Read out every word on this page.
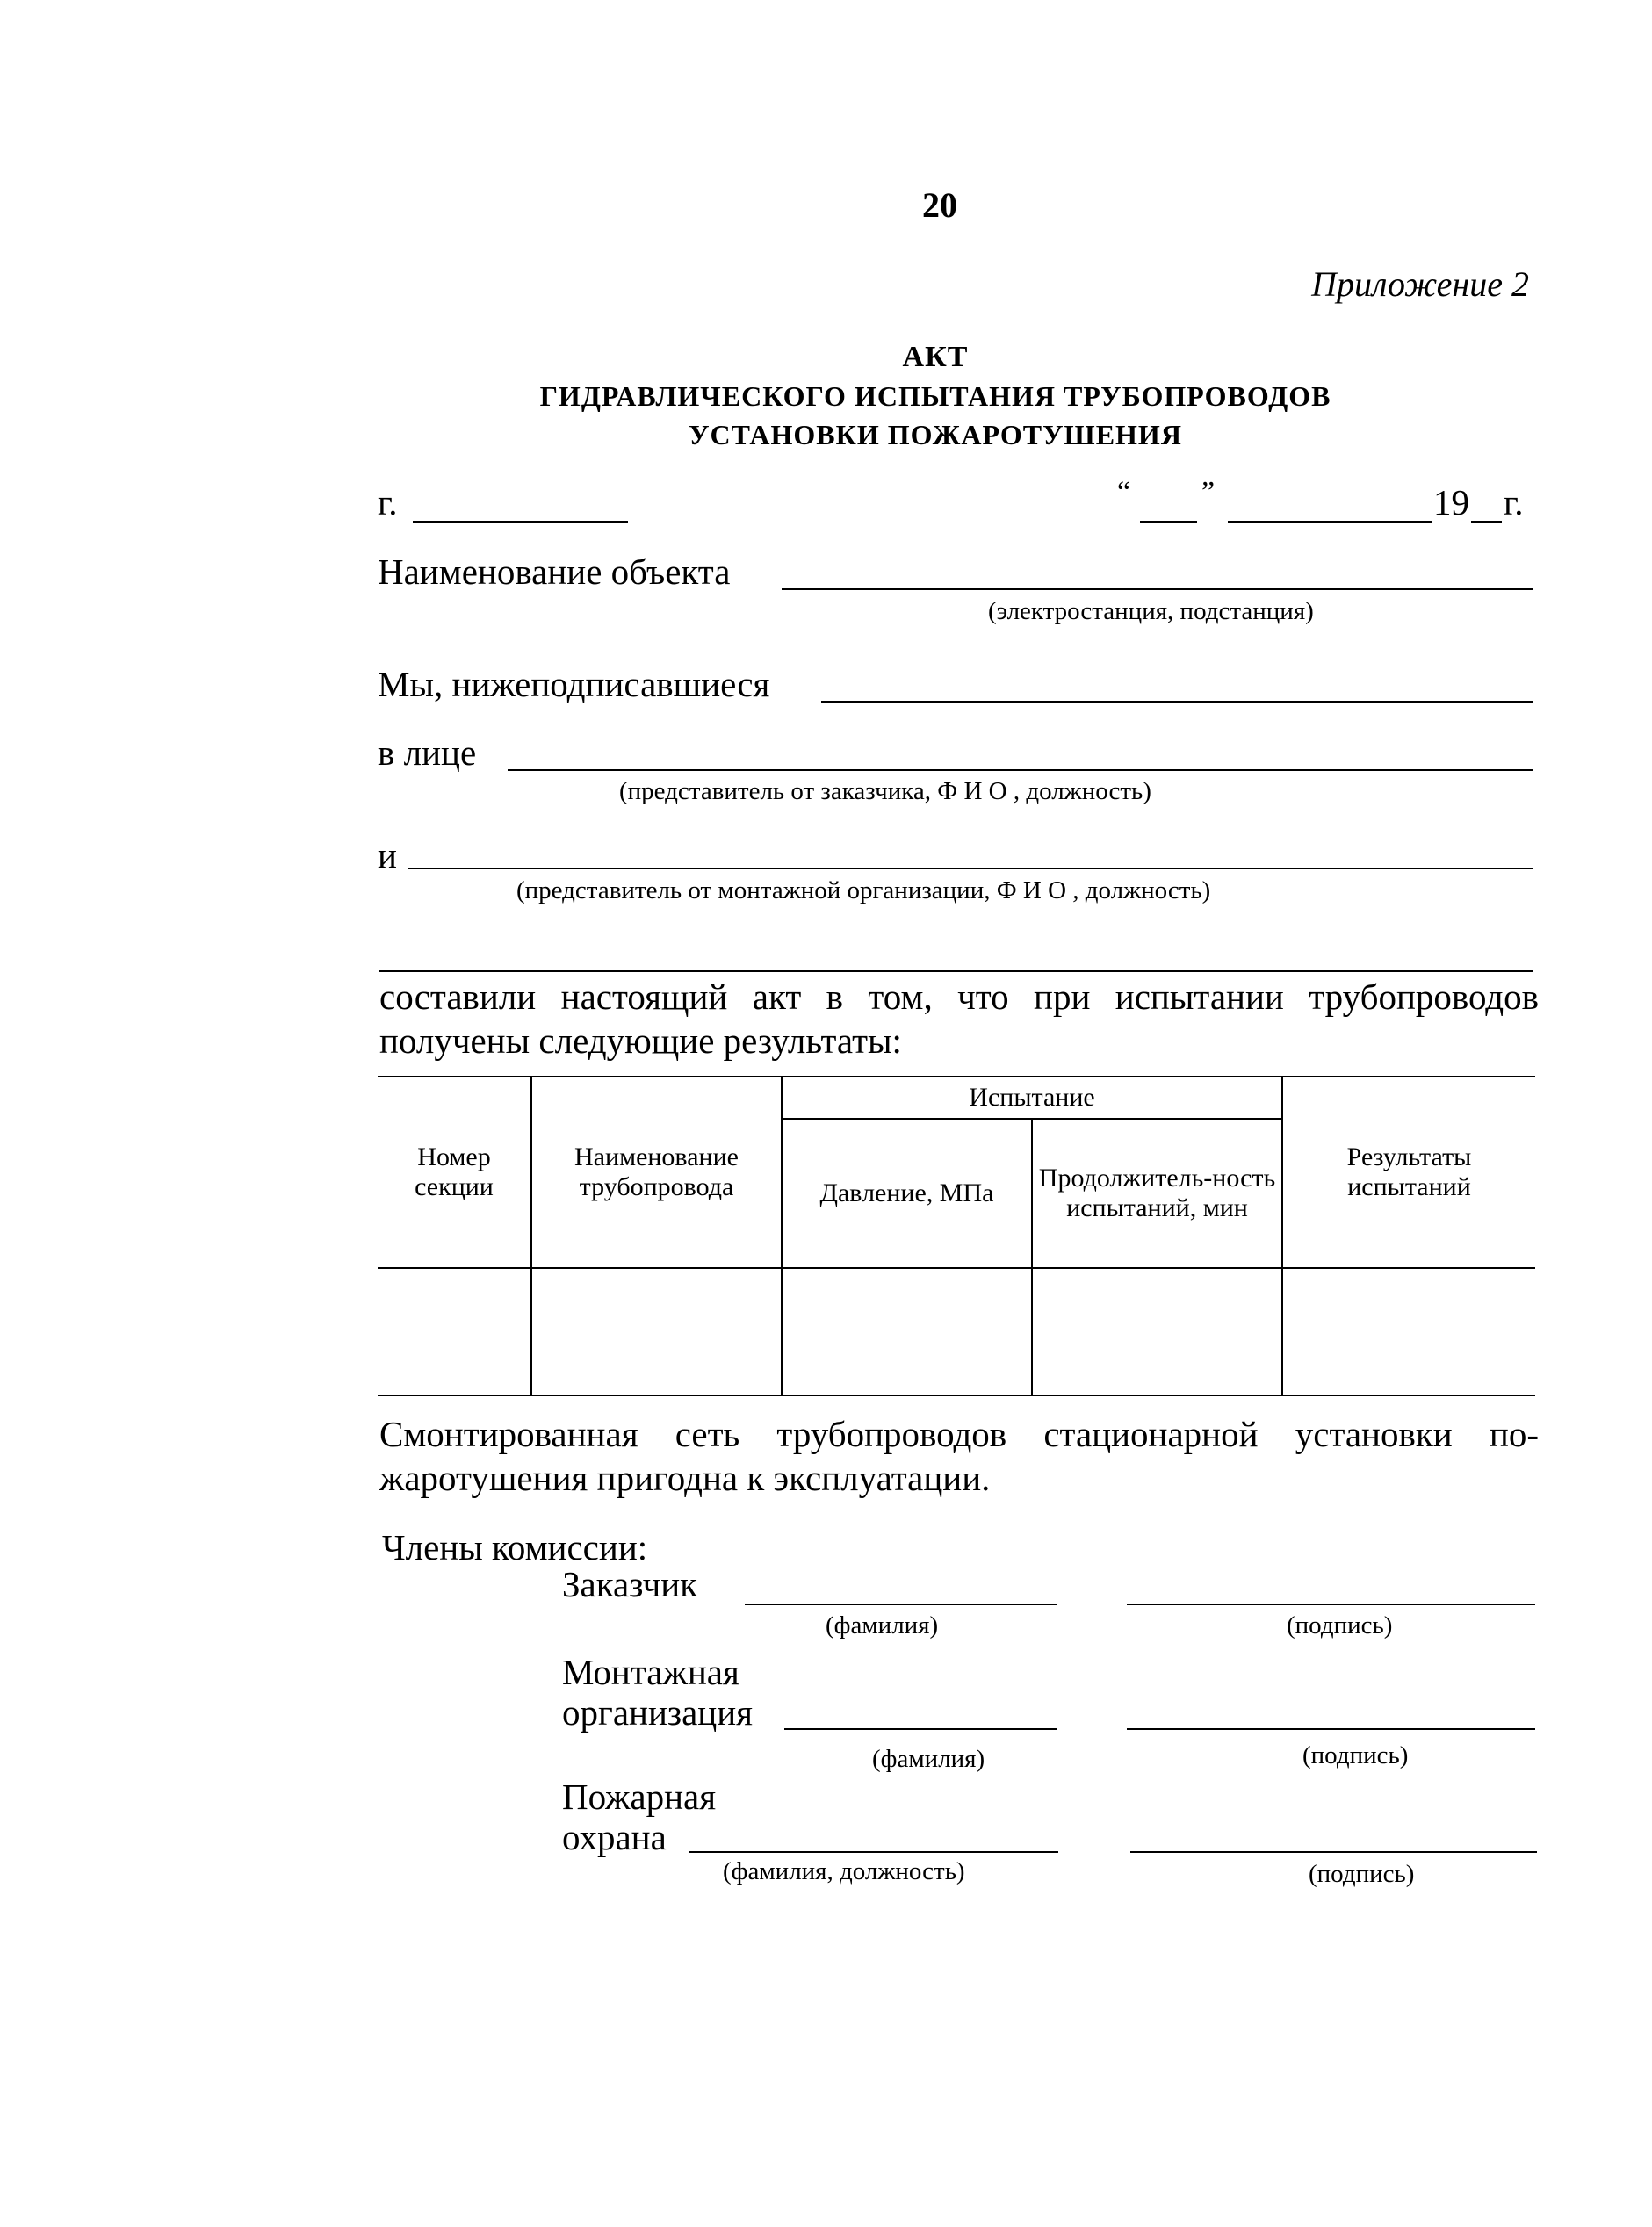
20
Приложение 2
АКТ
ГИДРАВЛИЧЕСКОГО ИСПЫТАНИЯ ТРУБОПРОВОДОВ
УСТАНОВКИ ПОЖАРОТУШЕНИЯ
г.	“ ”	19 г.
Наименование объекта
(электростанция, подстанция)
Мы, нижеподписавшиеся
в лице
(представитель от заказчика, Ф И О , должность)
и
(представитель от монтажной организации, Ф И О , должность)
составили настоящий акт в том, что при испытании трубопроводов получены следующие результаты:
Номер секции	Наименование трубопровода	Испытание		Результаты испытаний
		Давление, МПа	Продолжитель-ность испытаний, мин	

Смонтированная сеть трубопроводов стационарной установки по-жаротушения пригодна к эксплуатации.
Члены комиссии:
Заказчик
(фамилия)	(подпись)
Монтажная
организация
(фамилия)	(подпись)
Пожарная
охрана
(фамилия, должность)	(подпись)
